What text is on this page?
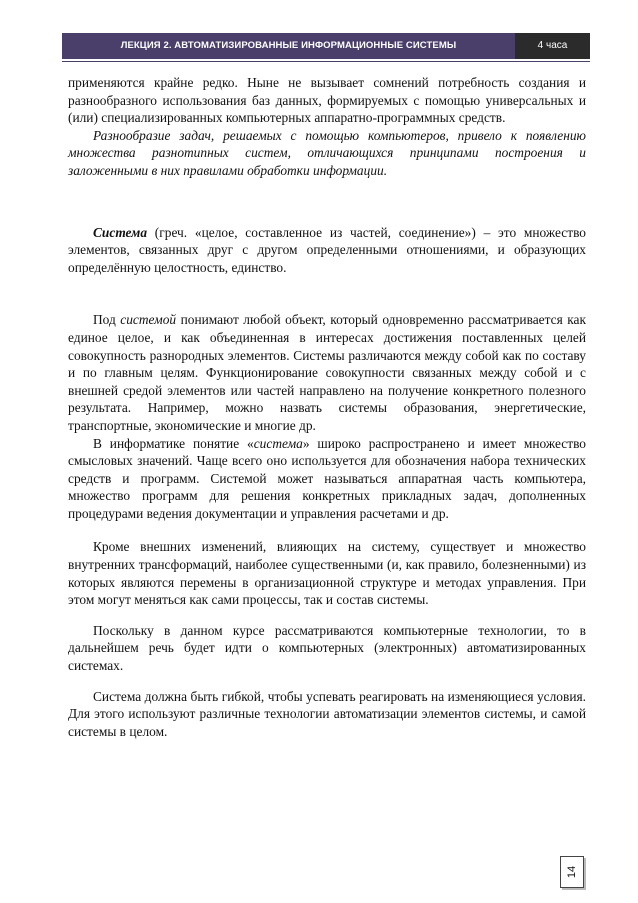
ЛЕКЦИЯ 2. АВТОМАТИЗИРОВАННЫЕ ИНФОРМАЦИОННЫЕ СИСТЕМЫ	4 часа

применяются крайне редко. Ныне не вызывает сомнений потребность создания и разнообразного использования баз данных, формируемых с помощью универсальных и (или) специализированных компьютерных аппаратно-программных средств.

Разнообразие задач, решаемых с помощью компьютеров, привело к появлению множества разнотипных систем, отличающихся принципами построения и заложенными в них правилами обработки информации.

Система (греч. «целое, составленное из частей, соединение») – это множество элементов, связанных друг с другом определенными отношениями, и образующих определённую целостность, единство.

Под системой понимают любой объект, который одновременно рассматривается как единое целое, и как объединенная в интересах достижения поставленных целей совокупность разнородных элементов. Системы различаются между собой как по составу и по главным целям. Функционирование совокупности связанных между собой и с внешней средой элементов или частей направлено на получение конкретного полезного результата. Например, можно назвать системы образования, энергетические, транспортные, экономические и многие др.

В информатике понятие «система» широко распространено и имеет множество смысловых значений. Чаще всего оно используется для обозначения набора технических средств и программ. Системой может называться аппаратная часть компьютера, множество программ для решения конкретных прикладных задач, дополненных процедурами ведения документации и управления расчетами и др.

Кроме внешних изменений, влияющих на систему, существует и множество внутренних трансформаций, наиболее существенными (и, как правило, болезненными) из которых являются перемены в организационной структуре и методах управления. При этом могут меняться как сами процессы, так и состав системы.

Поскольку в данном курсе рассматриваются компьютерные технологии, то в дальнейшем речь будет идти о компьютерных (электронных) автоматизированных системах.

Система должна быть гибкой, чтобы успевать реагировать на изменяющиеся условия. Для этого используют различные технологии автоматизации элементов системы, и самой системы в целом.

14
